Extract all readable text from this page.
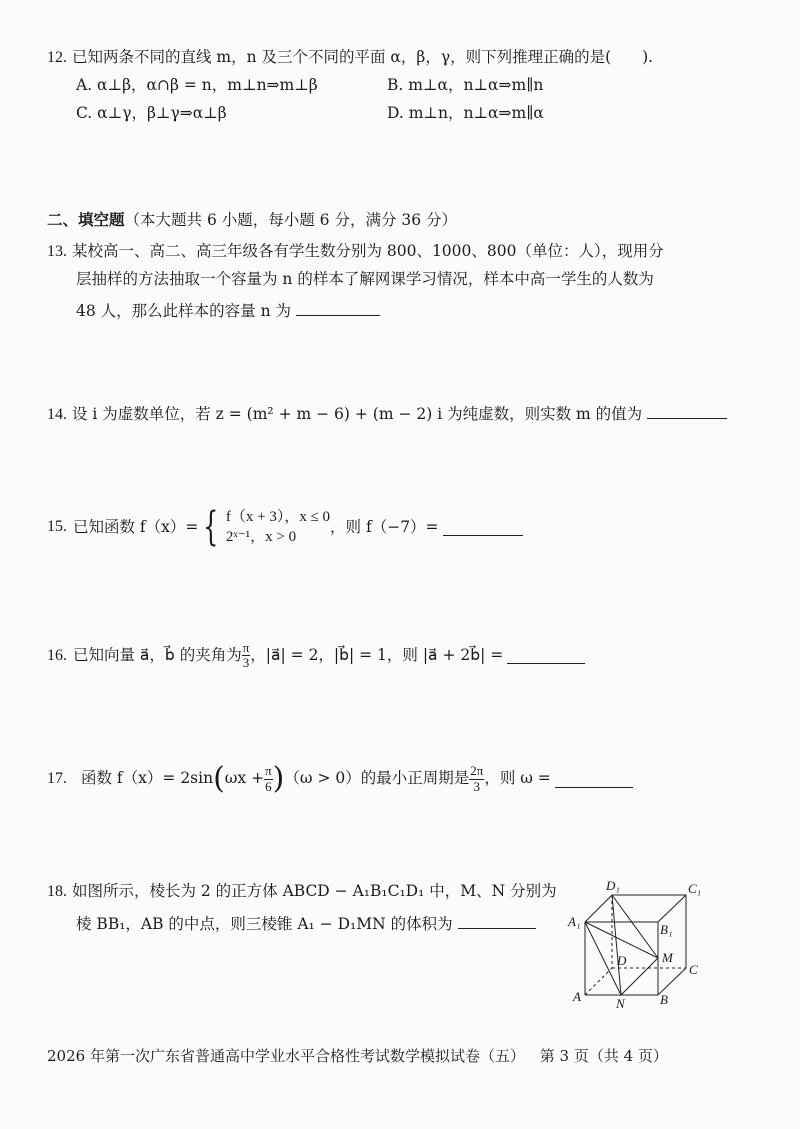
12. 已知两条不同的直线 m，n 及三个不同的平面 α，β，γ，则下列推理正确的是(　　).
A. α⊥β，α∩β = n，m⊥n⇒m⊥β	B. m⊥α，n⊥α⇒m∥n
C. α⊥γ，β⊥γ⇒α⊥β	D. m⊥n，n⊥α⇒m∥α
二、填空题（本大题共 6 小题，每小题 6 分，满分 36 分）
13. 某校高一、高二、高三年级各有学生数分别为 800、1000、800（单位：人），现用分
层抽样的方法抽取一个容量为 n 的样本了解网课学习情况，样本中高一学生的人数为
48 人，那么此样本的容量 n 为
14. 设 i 为虚数单位，若 z = (m² + m − 6) + (m − 2) i 为纯虚数，则实数 m 的值为
15. 已知函数 f（x）= { f（x + 3），x ≤ 0
2ˣ⁻¹，x > 0
，则 f（−7）=
16. 已知向量 a⃗，b⃗ 的夹角为 $\frac{\pi}{3}$ ，|a⃗| = 2，|b⃗| = 1，则 |a⃗ + 2b⃗| =
17. 函数 f（x）= 2sin ( $\omega x + \frac{\pi}{6}$ ) （ω > 0）的最小正周期是 $\frac{2\pi}{3}$ ，则 ω =
18. 如图所示，棱长为 2 的正方体 ABCD − A₁B₁C₁D₁ 中，M、N 分别为
棱 BB₁，AB 的中点，则三棱锥 A₁ − D₁MN 的体积为
D₁	C₁
A₁
B₁
D	M
C
A	N	B
2026 年第一次广东省普通高中学业水平合格性考试数学模拟试卷（五） 第 3 页（共 4 页）
